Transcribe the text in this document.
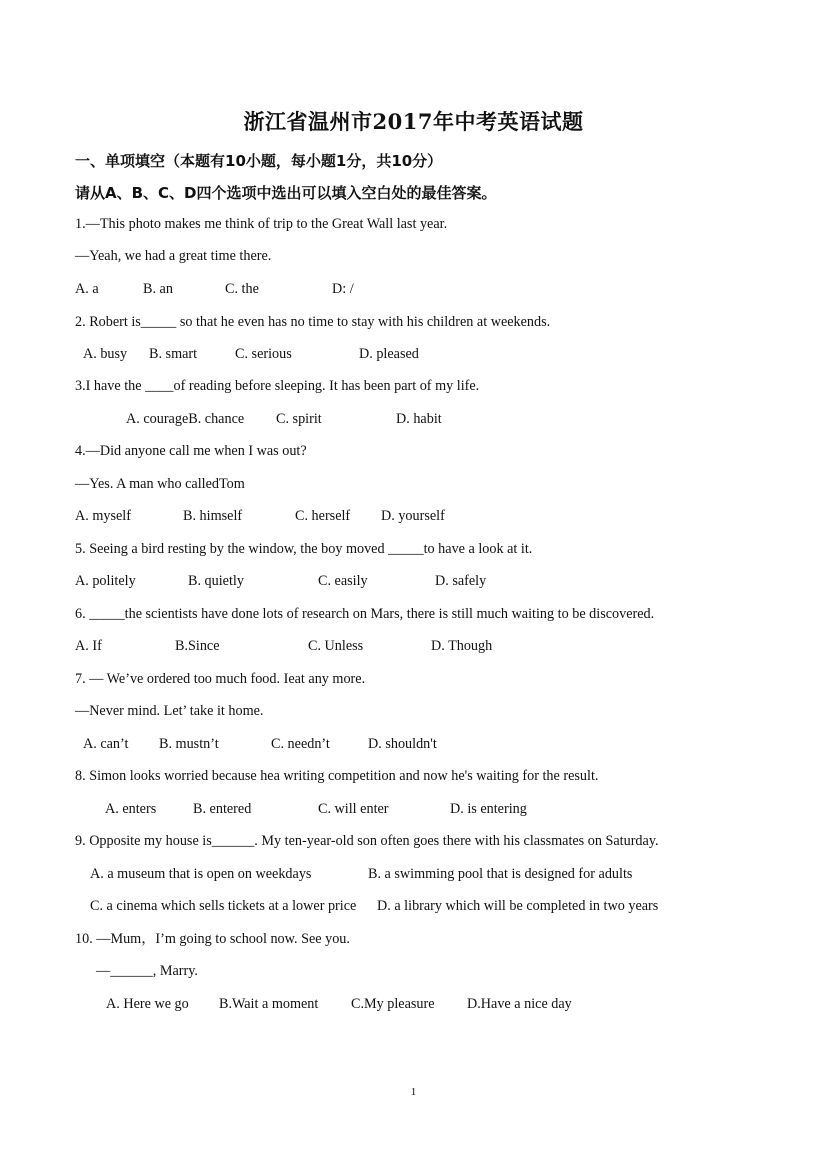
浙江省温州市2017年中考英语试题
一、单项填空（本题有10小题，每小题1分，共10分）
请从A、B、C、D四个选项中选出可以填入空白处的最佳答案。
1.—This photo makes me think of trip to the Great Wall last year.
—Yeah, we had a great time there.
A. a	B. an	C. the	D: /
2. Robert is_____ so that he even has no time to stay with his children at weekends.
A. busy B. smart	C. serious	D. pleased
3.I have the ____of reading before sleeping. It has been part of my life.
A. courageB. chance C. spirit	D. habit
4.—Did anyone call me when I was out?
—Yes. A man who calledTom
A. myself	B. himself	C. herself D. yourself
5. Seeing a bird resting by the window, the boy moved _____to have a look at it.
A. politely	B. quietly	C. easily	D. safely
6. _____the scientists have done lots of research on Mars, there is still much waiting to be discovered.
A. If	B.Since	C. Unless	D. Though
7. — We’ve ordered too much food. Ieat any more.
—Never mind. Let’ take it home.
A. can’t B. mustn’t	C. needn’t	D. shouldn't
8. Simon looks worried because hea writing competition and now he's waiting for the result.
A. enters	B. entered	C. will enter	D. is entering
9. Opposite my house is______. My ten-year-old son often goes there with his classmates on Saturday.
A. a museum that is open on weekdays	B. a swimming pool that is designed for adults
C. a cinema which sells tickets at a lower price D. a library which will be completed in two years
10. —Mum，I’m going to school now. See you.
—______, Marry.
A. Here we go B.Wait a moment C.My pleasure D.Have a nice day
1
